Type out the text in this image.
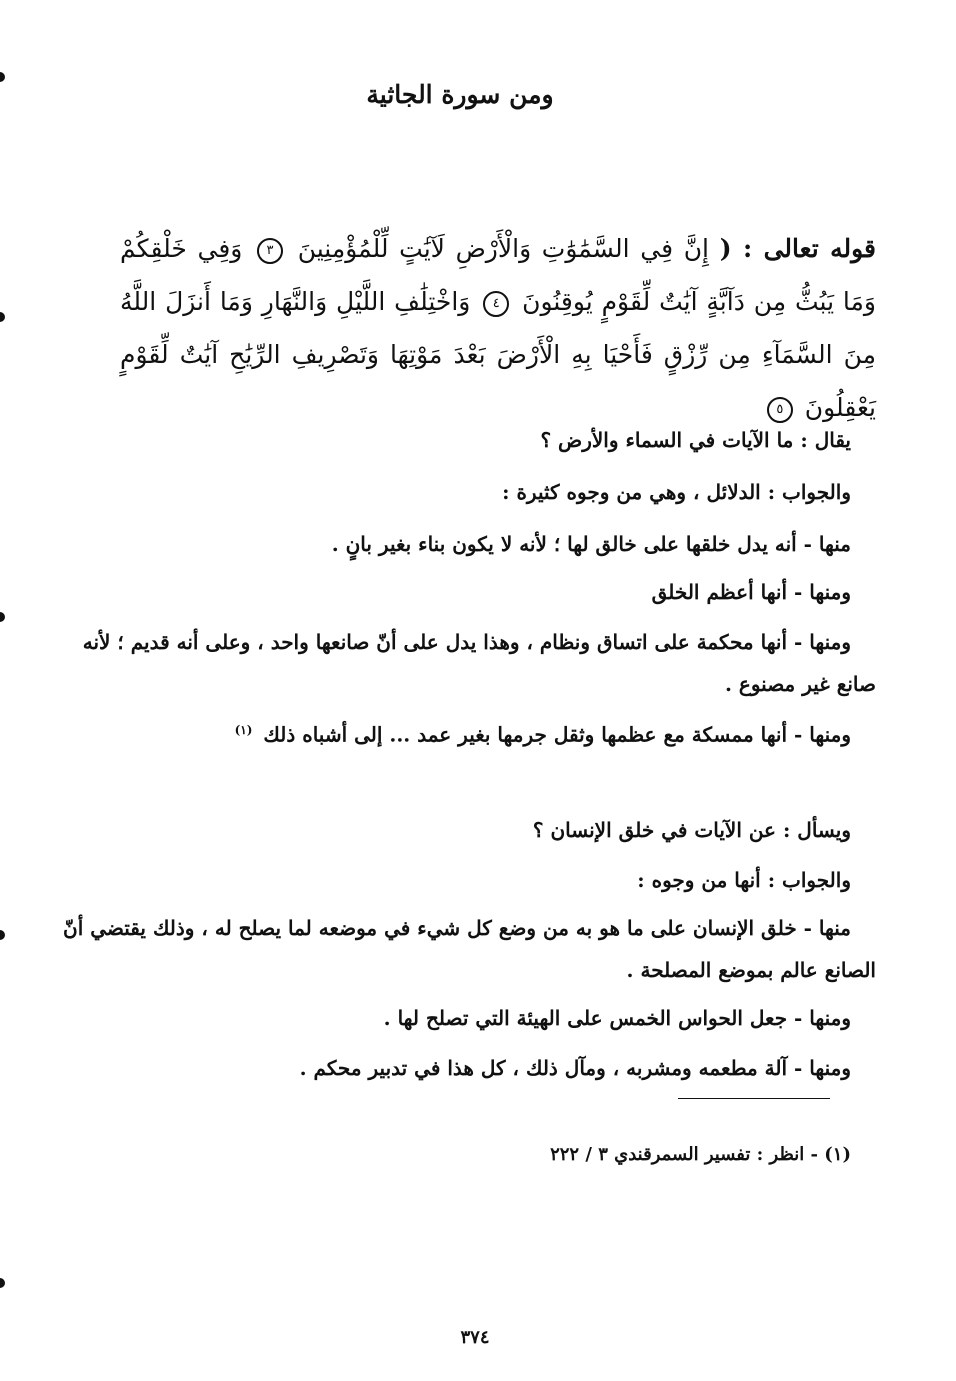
ومن سورة الجاثية
قوله تعالى : ( إِنَّ فِي السَّمَٰوَٰتِ وَالْأَرْضِ لَآيَٰتٍ لِّلْمُؤْمِنِينَ ٣ وَفِي خَلْقِكُمْ وَمَا يَبُثُّ مِن دَآبَّةٍ آيَٰتٌ لِّقَوْمٍ يُوقِنُونَ ٤ وَاخْتِلَٰفِ اللَّيْلِ وَالنَّهَارِ وَمَا أَنزَلَ اللَّهُ مِنَ السَّمَآءِ مِن رِّزْقٍ فَأَحْيَا بِهِ الْأَرْضَ بَعْدَ مَوْتِهَا وَتَصْرِيفِ الرِّيَٰحِ آيَٰتٌ لِّقَوْمٍ يَعْقِلُونَ ٥
يقال : ما الآيات في السماء والأرض ؟
والجواب : الدلائل ، وهي من وجوه كثيرة :
منها - أنه يدل خلقها على خالق لها ؛ لأنه لا يكون بناء بغير بانٍ .
ومنها - أنها أعظم الخلق
ومنها - أنها محكمة على اتساق ونظام ، وهذا يدل على أنّ صانعها واحد ، وعلى أنه قديم ؛ لأنه
صانع غير مصنوع .
ومنها - أنها ممسكة مع عظمها وثقل جرمها بغير عمد ... إلى أشباه ذلك $^{(١)}$
ويسأل : عن الآيات في خلق الإنسان ؟
والجواب : أنها من وجوه :
منها - خلق الإنسان على ما هو به من وضع كل شيء في موضعه لما يصلح له ، وذلك يقتضي أنّ
الصانع عالم بموضع المصلحة .
ومنها - جعل الحواس الخمس على الهيئة التي تصلح لها .
ومنها - آلة مطعمه ومشربه ، ومآل ذلك ، كل هذا في تدبير محكم .
(١) - انظر : تفسير السمرقندي ٣ / ٢٢٢
٣٧٤
